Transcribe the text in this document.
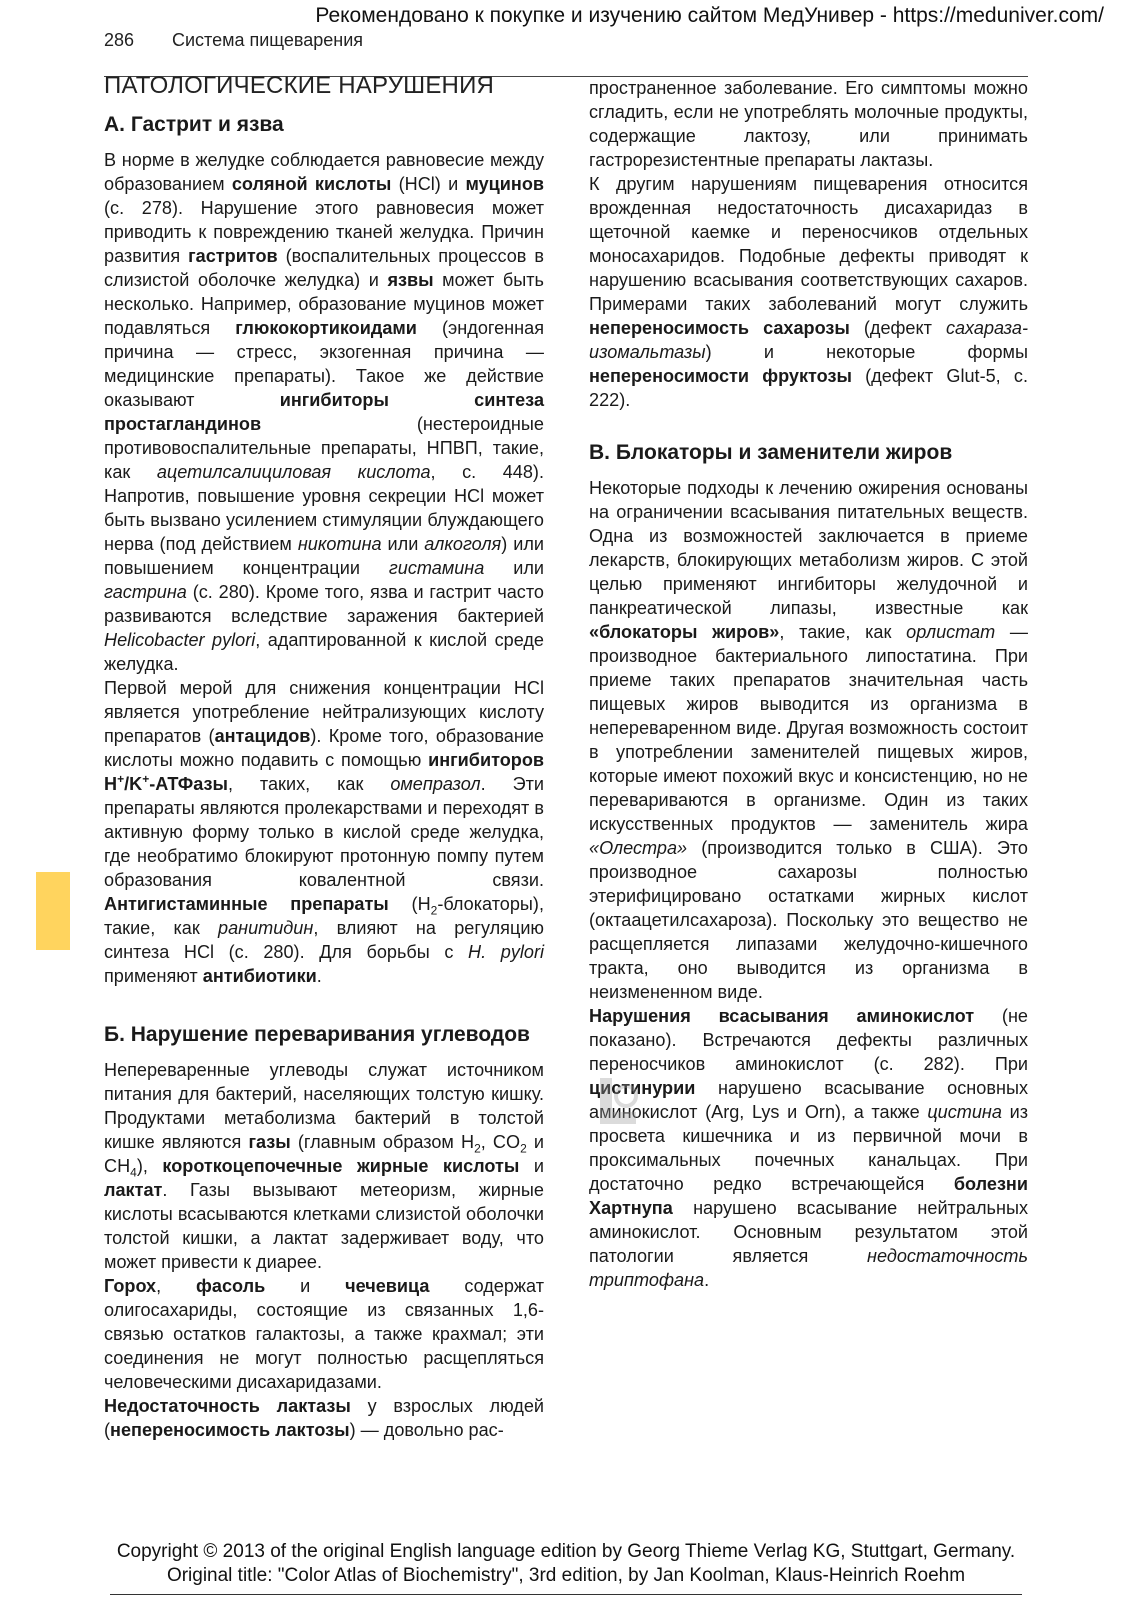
Рекомендовано к покупке и изучению сайтом МедУнивер - https://meduniver.com/
286 Система пищеварения
ПАТОЛОГИЧЕСКИЕ НАРУШЕНИЯ
А. Гастрит и язва

В норме в желудке соблюдается равновесие между образованием соляной кислоты (HCl) и муцинов (с. 278). Нарушение этого равновесия может приводить к повреждению тканей желудка. Причин развития гастритов (воспалительных процессов в слизистой оболочке желудка) и язвы может быть несколько. Например, образование муцинов может подавляться глюкокортикоидами (эндогенная причина — стресс, экзогенная причина — медицинские препараты). Такое же действие оказывают ингибиторы синтеза простагландинов (нестероидные противовоспалительные препараты, НПВП, такие, как ацетилсалициловая кислота, с. 448). Напротив, повышение уровня секреции HCl может быть вызвано усилением стимуляции блуждающего нерва (под действием никотина или алкоголя) или повышением концентрации гистамина или гастрина (с. 280). Кроме того, язва и гастрит часто развиваются вследствие заражения бактерией Helicobacter pylori, адаптированной к кислой среде желудка.

Первой мерой для снижения концентрации HCl является употребление нейтрализующих кислоту препаратов (антацидов). Кроме того, образование кислоты можно подавить с помощью ингибиторов H+/K+-АТФазы, таких, как омепразол. Эти препараты являются пролекарствами и переходят в активную форму только в кислой среде желудка, где необратимо блокируют протонную помпу путем образования ковалентной связи. Антигистаминные препараты $(H_2-блокаторы)$, такие, как ранитидин, влияют на регуляцию синтеза HCl (с. 280). Для борьбы с H. pylori применяют антибиотики.

Б. Нарушение переваривания углеводов

Непереваренные углеводы служат источником питания для бактерий, населяющих толстую кишку. Продуктами метаболизма бактерий в толстой кишке являются газы (главным образом $H_2$, $CO_2$ и $CH_4$), короткоцепочечные жирные кислоты и лактат. Газы вызывают метеоризм, жирные кислоты всасываются клетками слизистой оболочки толстой кишки, а лактат задерживает воду, что может привести к диарее.

Горох, фасоль и чечевица содержат олигосахариды, состоящие из связанных 1,6-связью остатков галактозы, а также крахмал; эти соединения не могут полностью расщепляться человеческими дисахаридазами.

Недостаточность лактазы у взрослых людей (непереносимость лактозы) — довольно рас-

пространенное заболевание. Его симптомы можно сгладить, если не употреблять молочные продукты, содержащие лактозу, или принимать гастрорезистентные препараты лактазы.

К другим нарушениям пищеварения относится врожденная недостаточность дисахаридаз в щеточной каемке и переносчиков отдельных моносахаридов. Подобные дефекты приводят к нарушению всасывания соответствующих сахаров. Примерами таких заболеваний могут служить непереносимость сахарозы (дефект сахараза-изомальтазы) и некоторые формы непереносимости фруктозы (дефект Glut-5, с. 222).

В. Блокаторы и заменители жиров

Некоторые подходы к лечению ожирения основаны на ограничении всасывания питательных веществ. Одна из возможностей заключается в приеме лекарств, блокирующих метаболизм жиров. С этой целью применяют ингибиторы желудочной и панкреатической липазы, известные как «блокаторы жиров», такие, как орлистат — производное бактериального липостатина. При приеме таких препаратов значительная часть пищевых жиров выводится из организма в непереваренном виде. Другая возможность состоит в употреблении заменителей пищевых жиров, которые имеют похожий вкус и консистенцию, но не перевариваются в организме. Один из таких искусственных продуктов — заменитель жира «Олестра» (производится только в США). Это производное сахарозы полностью этерифицировано остатками жирных кислот (октаацетилсахароза). Поскольку это вещество не расщепляется липазами желудочно-кишечного тракта, оно выводится из организма в неизмененном виде.

Нарушения всасывания аминокислот (не показано). Встречаются дефекты различных переносчиков аминокислот (с. 282). При цистинурии нарушено всасывание основных аминокислот (Arg, Lys и Orn), а также цистина из просвета кишечника и из первичной мочи в проксимальных почечных канальцах. При достаточно редко встречающейся болезни Хартнупа нарушено всасывание нейтральных аминокислот. Основным результатом этой патологии является недостаточность триптофана.

Copyright © 2013 of the original English language edition by Georg Thieme Verlag KG, Stuttgart, Germany.
Original title: "Color Atlas of Biochemistry", 3rd edition, by Jan Koolman, Klaus-Heinrich Roehm
